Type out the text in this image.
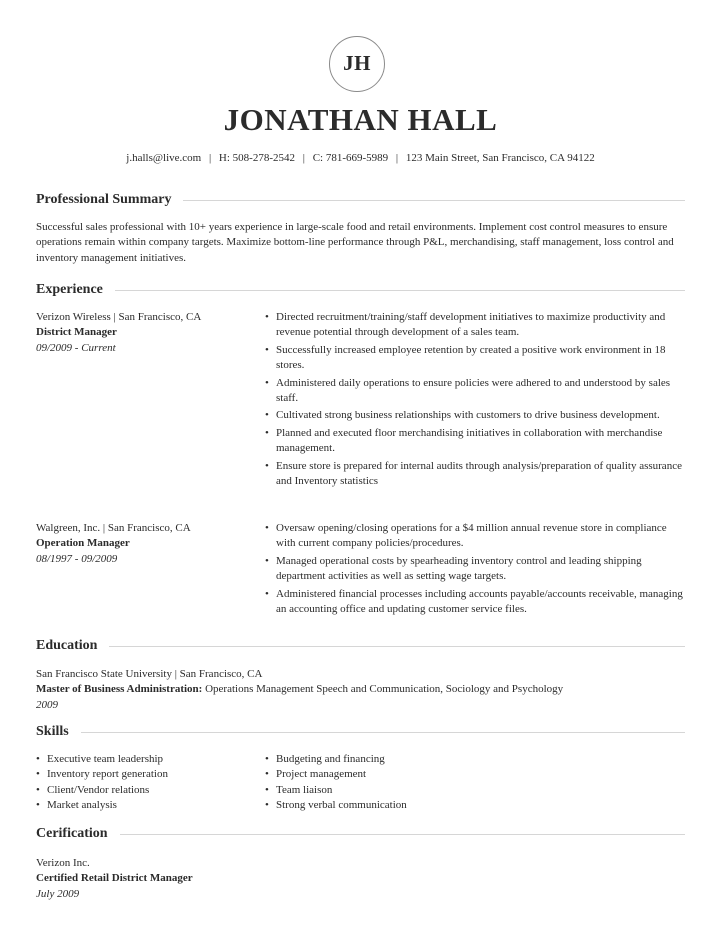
JH
JONATHAN HALL
j.halls@live.com | H: 508-278-2542 | C: 781-669-5989 | 123 Main Street, San Francisco, CA 94122
Professional Summary
Successful sales professional with 10+ years experience in large-scale food and retail environments. Implement cost control measures to ensure operations remain within company targets. Maximize bottom-line performance through P&L, merchandising, staff management, loss control and inventory management initiatives.
Experience
Verizon Wireless | San Francisco, CA
District Manager
09/2009 - Current
• Directed recruitment/training/staff development initiatives to maximize productivity and revenue potential through development of a sales team.
• Successfully increased employee retention by created a positive work environment in 18 stores.
• Administered daily operations to ensure policies were adhered to and understood by sales staff.
• Cultivated strong business relationships with customers to drive business development.
• Planned and executed floor merchandising initiatives in collaboration with merchandise management.
• Ensure store is prepared for internal audits through analysis/preparation of quality assurance and Inventory statistics
Walgreen, Inc. | San Francisco, CA
Operation Manager
08/1997 - 09/2009
• Oversaw opening/closing operations for a $4 million annual revenue store in compliance with current company policies/procedures.
• Managed operational costs by spearheading inventory control and leading shipping department activities as well as setting wage targets.
• Administered financial processes including accounts payable/accounts receivable, managing an accounting office and updating customer service files.
Education
San Francisco State University | San Francisco, CA
Master of Business Administration: Operations Management Speech and Communication, Sociology and Psychology
2009
Skills
• Executive team leadership
• Inventory report generation
• Client/Vendor relations
• Market analysis
• Budgeting and financing
• Project management
• Team liaison
• Strong verbal communication
Cerification
Verizon Inc.
Certified Retail District Manager
July 2009
